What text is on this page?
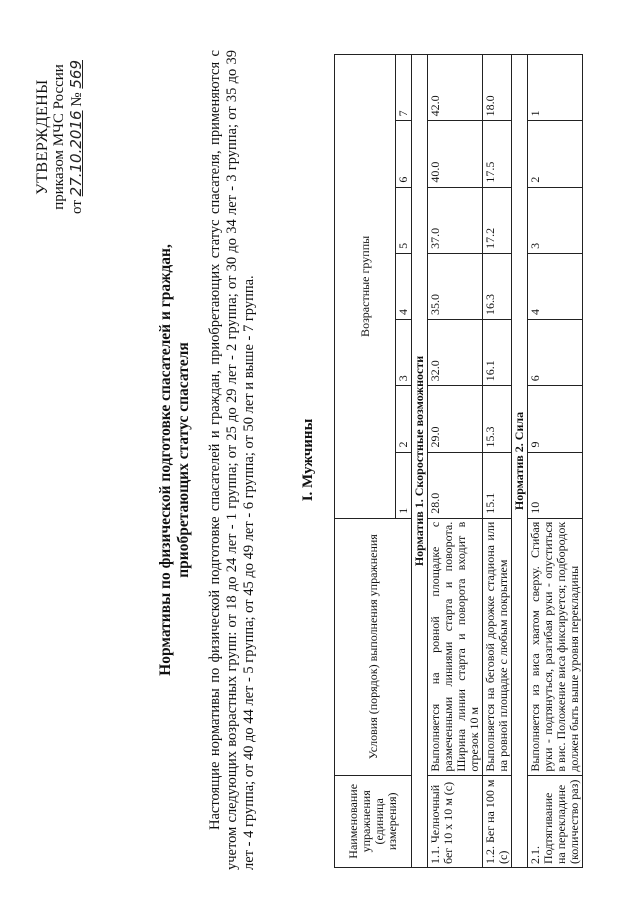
УТВЕРЖДЕНЫ приказом МЧС России от 27.10.2016 № 569
Нормативы по физической подготовке спасателей и граждан, приобретающих статус спасателя Настоящие нормативы по физической подготовке спасателей и граждан, приобретающих статус спасателя, применяются с учетом следующих возрастных групп: от 18 до 24 лет - 1 группа; от 25 до 29 лет - 2 группа; от 30 до 34 лет - 3 группа; от 35 до 39 лет - 4 группа; от 40 до 44 лет - 5 группа; от 45 до 49 лет - 6 группа; от 50 лет и выше - 7 группа.	I. Мужчины
Наименование упражнения (единица измерения)	Условия (порядок) выполнения упражнения	Возрастные группы						
		1	2	3	4	5	6	7
Норматив 1. Скоростные возможности								
1.1. Челночный бег 10 x 10 м (с)	Выполняется на ровной площадке с размеченными линиями старта и поворота. Ширина линии старта и поворота входит в отрезок 10 м	28.0	29.0	32.0	35.0	37.0	40.0	42.0
1.2. Бег на 100 м (с)	Выполняется на беговой дорожке стадиона или на ровной площадке с любым покрытием	15.1	15.3	16.1	16.3	17.2	17.5	18.0
Норматив 2. Сила								
2.1. Подтягивание на перекладине (количество раз)	Выполняется из виса хватом сверху. Сгибая руки - подтянуться, разгибая руки - опуститься в вис. Положение виса фиксируется; подбородок должен быть выше уровня перекладины	10	9	6	4	3	2	1
